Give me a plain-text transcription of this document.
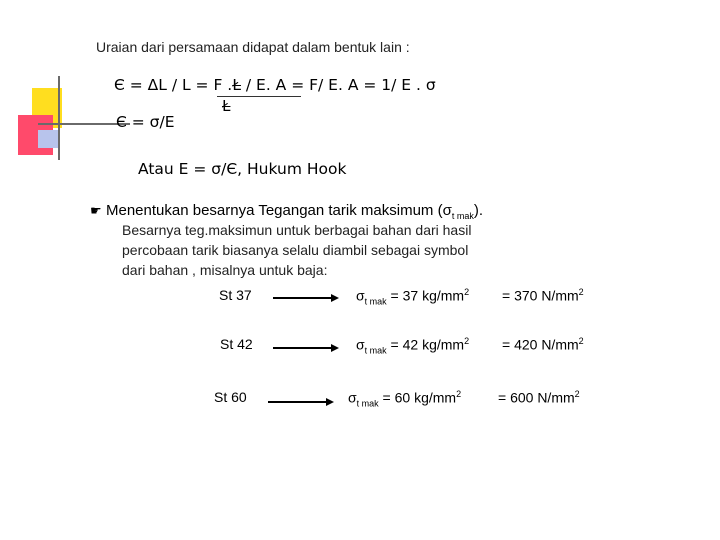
Uraian dari persamaan didapat dalam bentuk lain :
Є = ΔL / L = F .Ł / E. A = F/ E. A = 1/ E . σ
Ł
Є = σ/E
Atau E = σ/Є, Hukum Hook
☛ Menentukan besarnya Tegangan tarik maksimum $(\sigma_{t mak})$.
Besarnya teg.maksimun untuk berbagai bahan dari hasil
percobaan tarik biasanya selalu diambil sebagai symbol
dari bahan , misalnya untuk baja:
St 37	$\sigma_{t mak} = 37$ $kg/mm^2 = 370$ $N/mm^2$
St 42	$\sigma_{t mak} = 42$ $kg/mm^2 = 420$ $N/mm^2$
St 60	$\sigma_{t mak} = 60$ $kg/mm^2$	= 600 $N/mm^2$
